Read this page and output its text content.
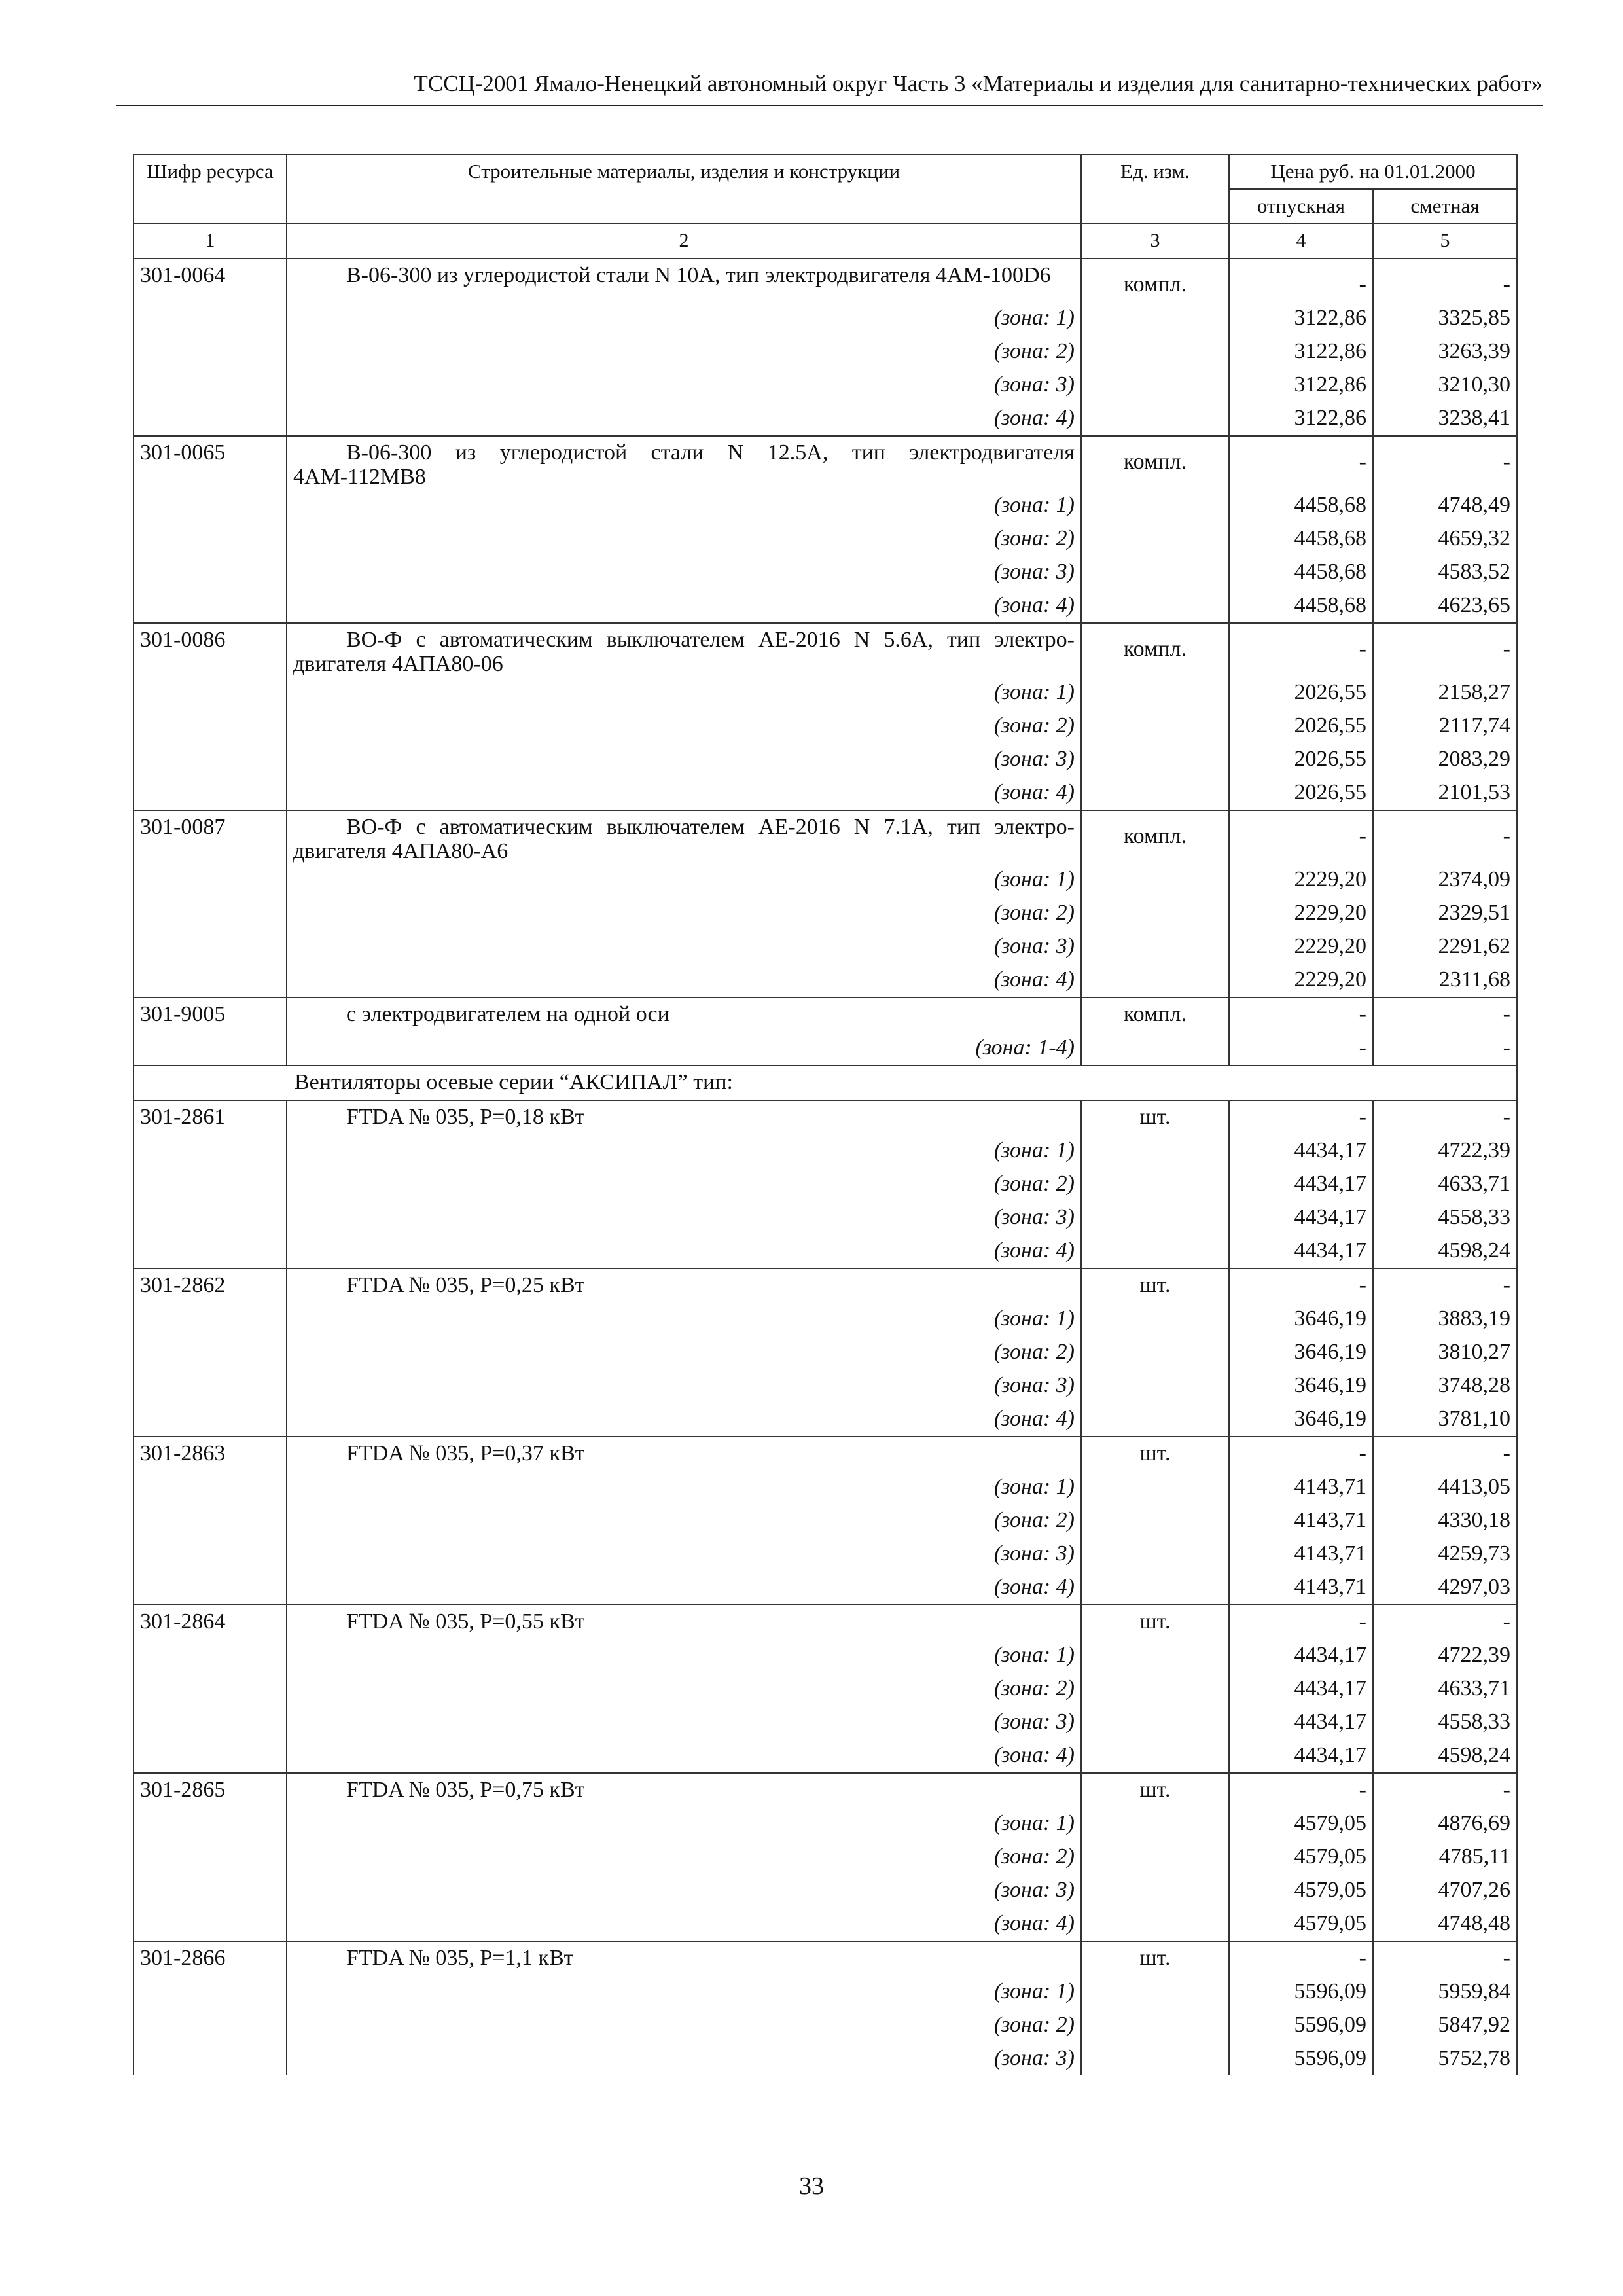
ТССЦ-2001 Ямало-Ненецкий автономный округ Часть 3 «Материалы и изделия для санитарно-технических работ»
Шифр ресурса	Строительные материалы, изделия и конструкции	Ед. изм.	Цена руб. на 01.01.2000	
			отпускная	сметная
1	2	3	4	5
301-0064	В-06-300 из углеродистой стали N 10А, тип электродвигателя 4АМ-100D6	компл.	-	-
	(зона: 1)		3122,86	3325,85
	(зона: 2)		3122,86	3263,39
	(зона: 3)		3122,86	3210,30
	(зона: 4)		3122,86	3238,41
301-0065	В-06-300 из углеродистой стали N 12.5А, тип электродвигателя 4АМ-112МВ8	компл.	-	-
	(зона: 1)		4458,68	4748,49
	(зона: 2)		4458,68	4659,32
	(зона: 3)		4458,68	4583,52
	(зона: 4)		4458,68	4623,65
301-0086	ВО-Ф с автоматическим выключателем АЕ-2016 N 5.6А, тип электро-двигателя 4АПА80-06	компл.	-	-
	(зона: 1)		2026,55	2158,27
	(зона: 2)		2026,55	2117,74
	(зона: 3)		2026,55	2083,29
	(зона: 4)		2026,55	2101,53
301-0087	ВО-Ф с автоматическим выключателем АЕ-2016 N 7.1А, тип электро-двигателя 4АПА80-А6	компл.	-	-
	(зона: 1)		2229,20	2374,09
	(зона: 2)		2229,20	2329,51
	(зона: 3)		2229,20	2291,62
	(зона: 4)		2229,20	2311,68
301-9005	с электродвигателем на одной оси	компл.	-	-
	(зона: 1-4)		-	-
Вентиляторы осевые серии “АКСИПАЛ” тип:				
301-2861	FTDA № 035, P=0,18 кВт	шт.	-	-
	(зона: 1)		4434,17	4722,39
	(зона: 2)		4434,17	4633,71
	(зона: 3)		4434,17	4558,33
	(зона: 4)		4434,17	4598,24
301-2862	FTDA № 035, P=0,25 кВт	шт.	-	-
	(зона: 1)		3646,19	3883,19
	(зона: 2)		3646,19	3810,27
	(зона: 3)		3646,19	3748,28
	(зона: 4)		3646,19	3781,10
301-2863	FTDA № 035, P=0,37 кВт	шт.	-	-
	(зона: 1)		4143,71	4413,05
	(зона: 2)		4143,71	4330,18
	(зона: 3)		4143,71	4259,73
	(зона: 4)		4143,71	4297,03
301-2864	FTDA № 035, P=0,55 кВт	шт.	-	-
	(зона: 1)		4434,17	4722,39
	(зона: 2)		4434,17	4633,71
	(зона: 3)		4434,17	4558,33
	(зона: 4)		4434,17	4598,24
301-2865	FTDA № 035, P=0,75 кВт	шт.	-	-
	(зона: 1)		4579,05	4876,69
	(зона: 2)		4579,05	4785,11
	(зона: 3)		4579,05	4707,26
	(зона: 4)		4579,05	4748,48
301-2866	FTDA № 035, P=1,1 кВт	шт.	-	-
	(зона: 1)		5596,09	5959,84
	(зона: 2)		5596,09	5847,92
	(зона: 3)		5596,09	5752,78
33
